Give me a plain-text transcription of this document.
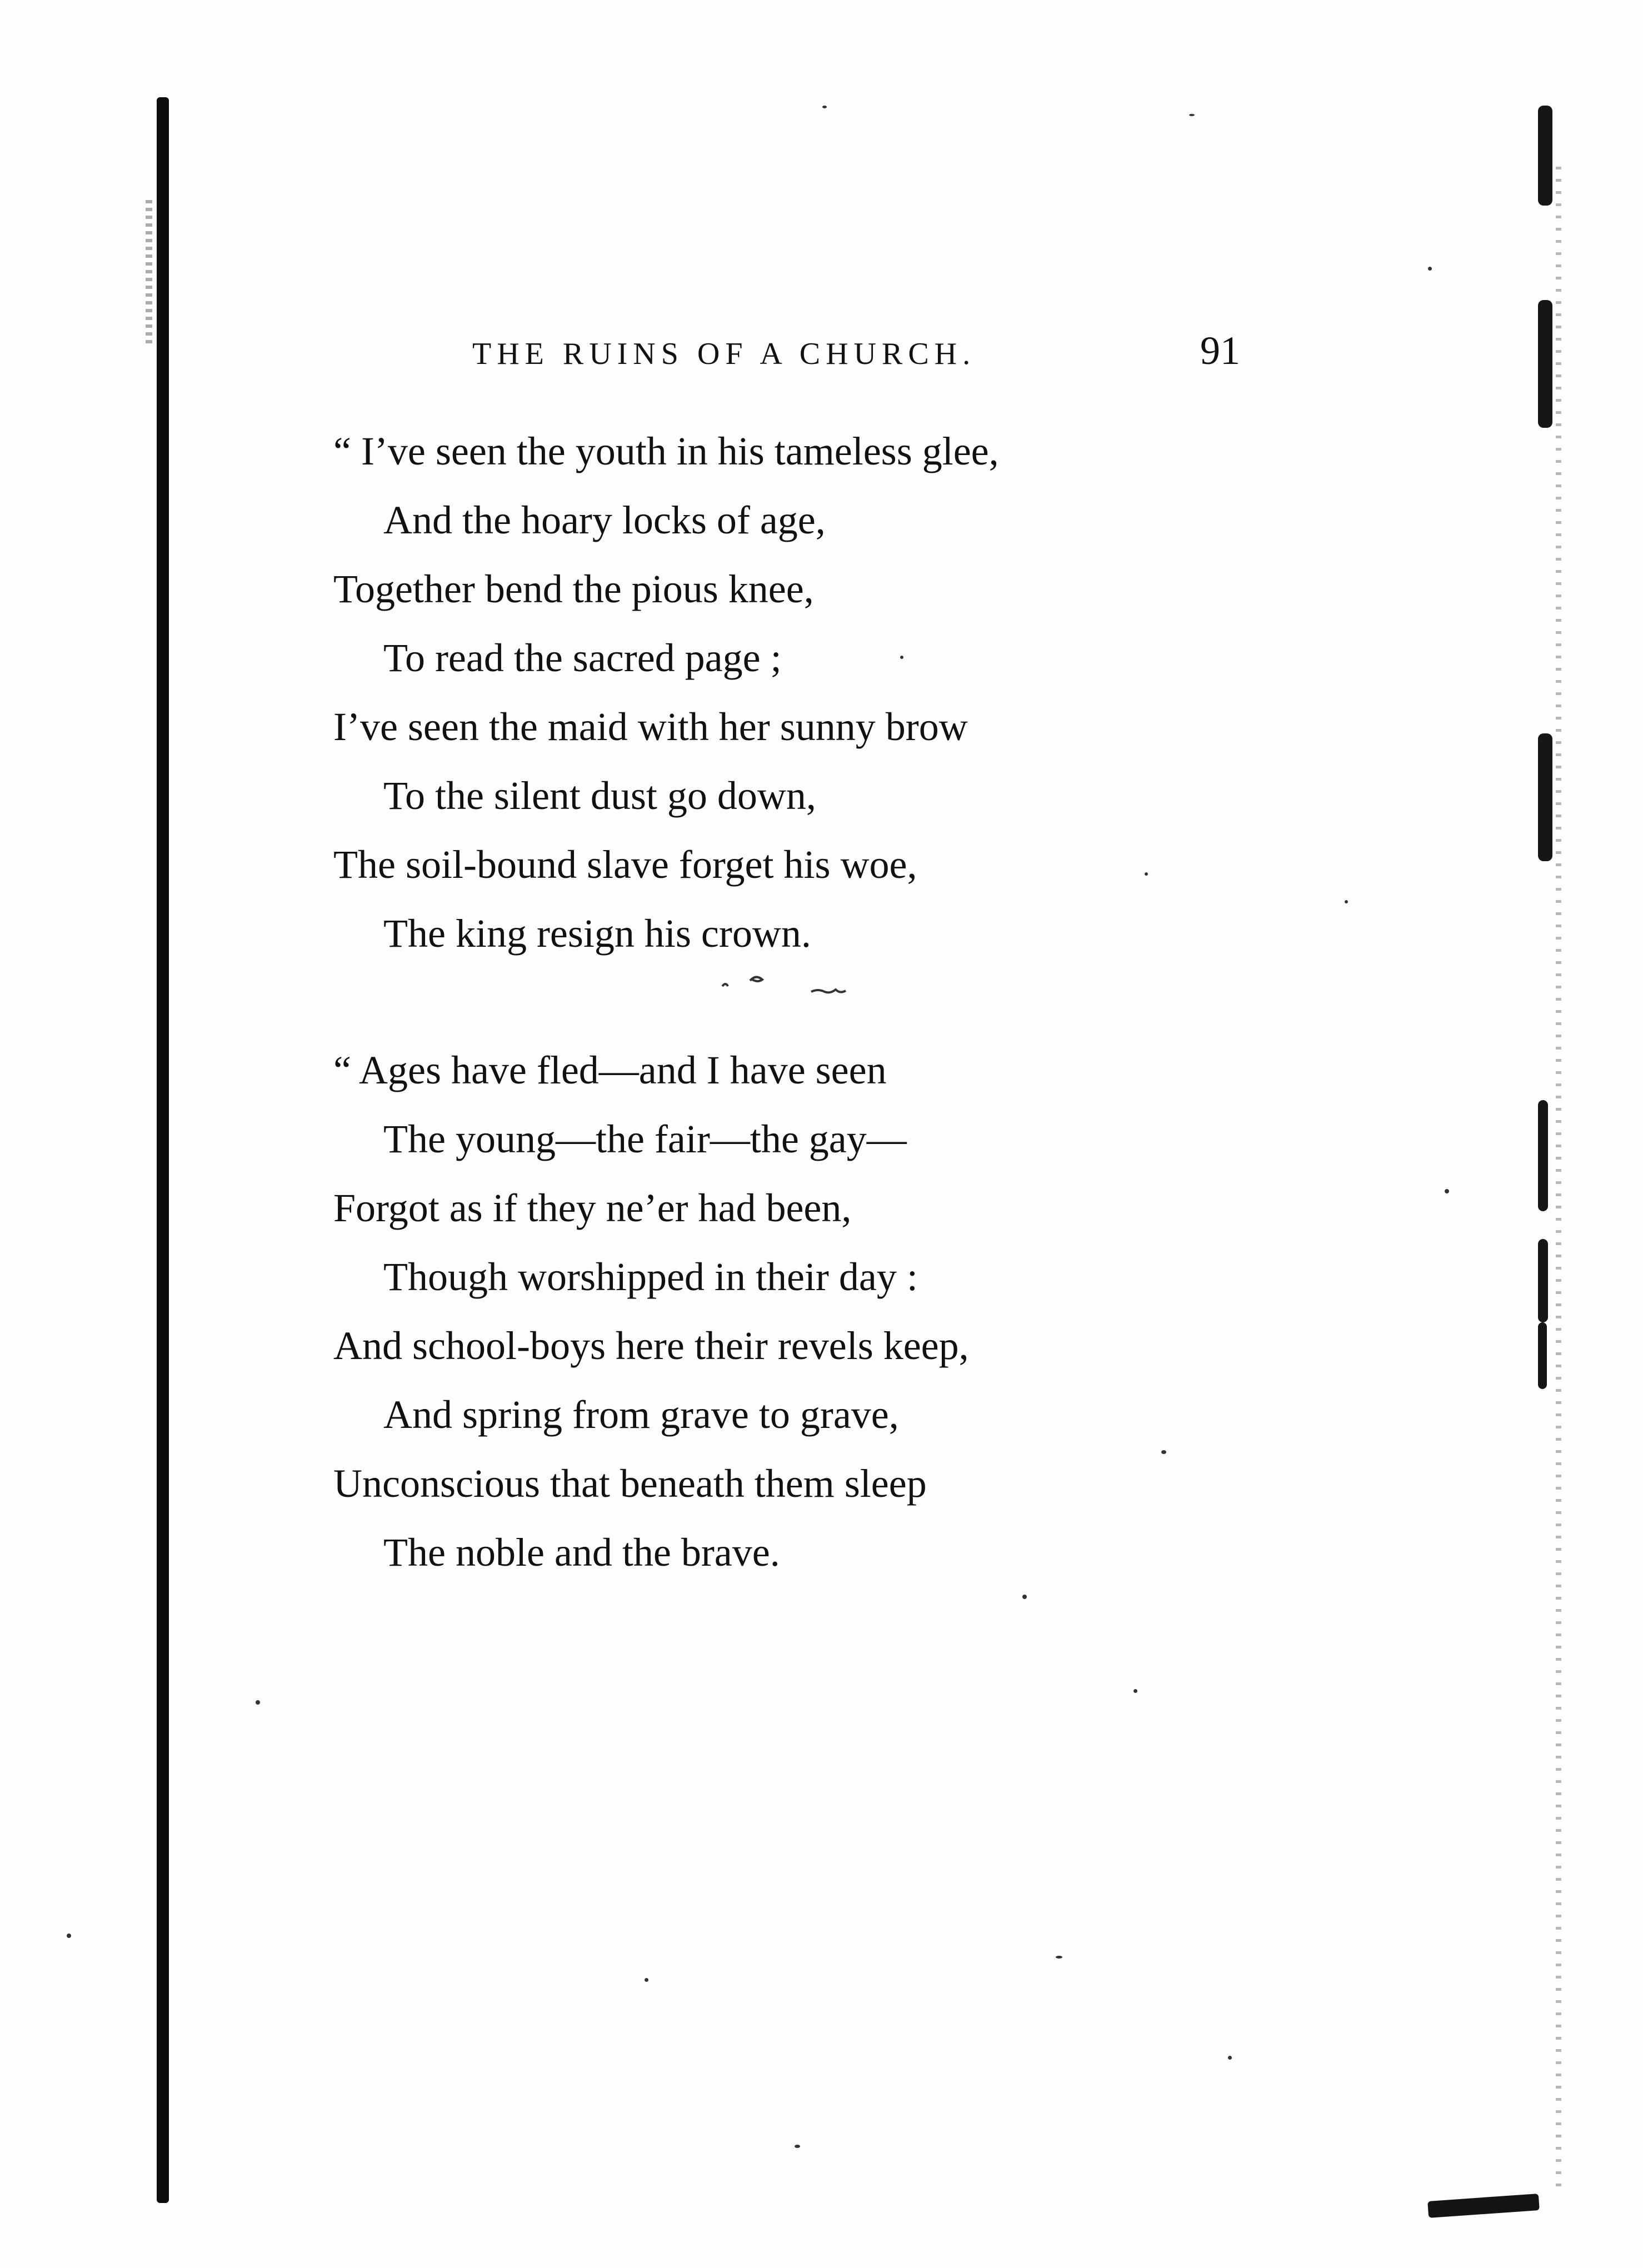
THE RUINS OF A CHURCH.	91
“ I’ve seen the youth in his tameless glee,
And the hoary locks of age,
Together bend the pious knee,
To read the sacred page ;
I’ve seen the maid with her sunny brow
To the silent dust go down,
The soil-bound slave forget his woe,
The king resign his crown.
“ Ages have fled—and I have seen
The young—the fair—the gay—
Forgot as if they ne’er had been,
Though worshipped in their day :
And school-boys here their revels keep,
And spring from grave to grave,
Unconscious that beneath them sleep
The noble and the brave.
